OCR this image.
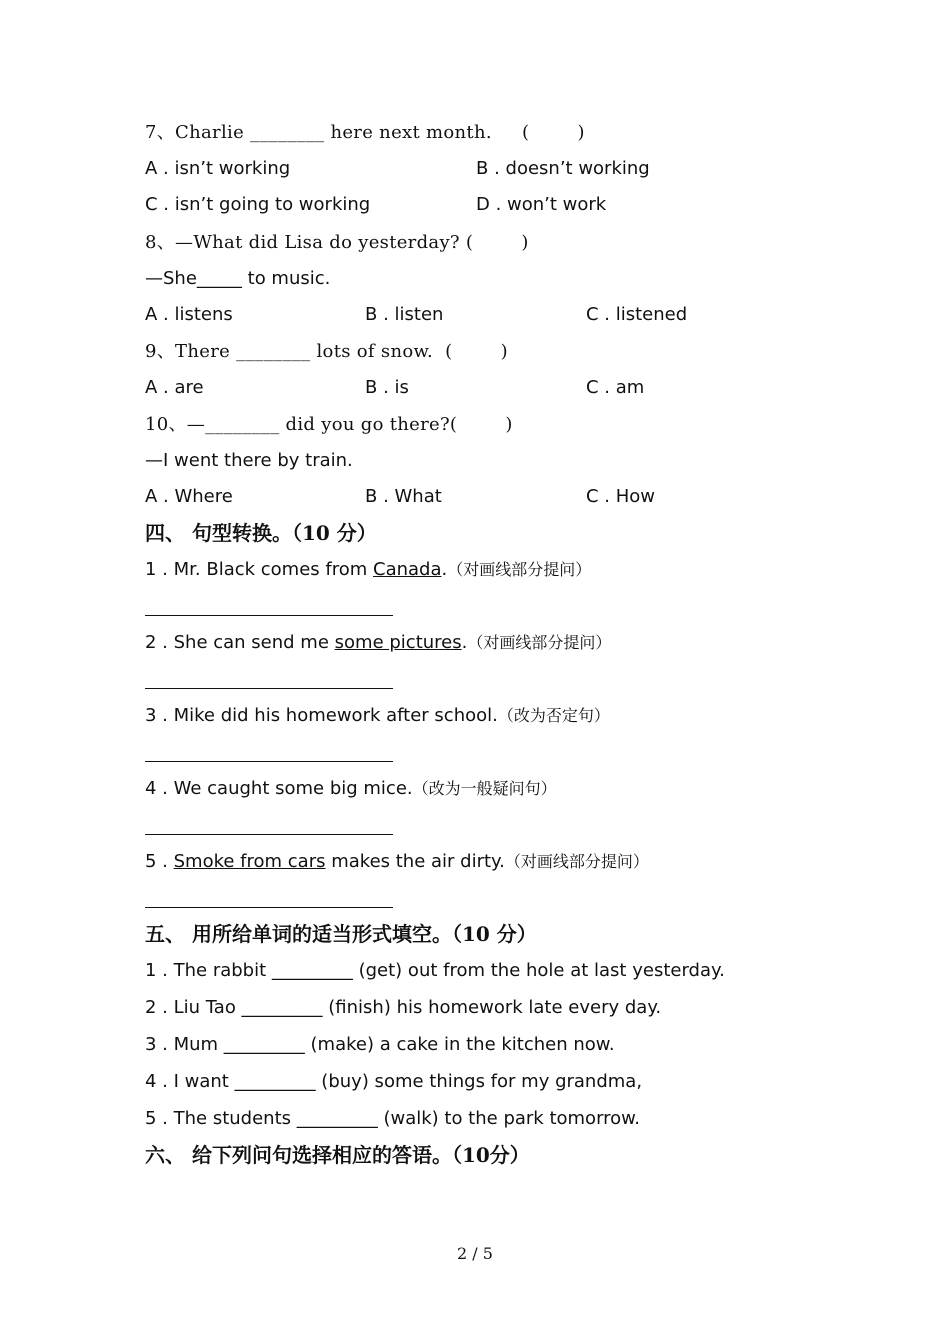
7、Charlie ________ here next month.     (        )
A . isn’t working	B . doesn’t working
C . isn’t going to working	D . won’t work
8、—What did Lisa do yesterday? (        )
—She_____ to music.
A . listens	B . listen	C . listened
9、There ________ lots of snow.  (        )
A . are	B . is	C . am
10、—________ did you go there?(        )
—I went there by train.
A . Where	B . What	C . How
四、 句型转换。（10 分）
1 . Mr. Black comes from Canada.（对画线部分提问）
2 . She can send me some pictures.（对画线部分提问）
3 . Mike did his homework after school.（改为否定句）
4 . We caught some big mice.（改为一般疑问句）
5 . Smoke from cars makes the air dirty.（对画线部分提问）
五、 用所给单词的适当形式填空。（10 分）
1 . The rabbit _________ (get) out from the hole at last yesterday.
2 . Liu Tao _________ (finish) his homework late every day.
3 . Mum _________ (make) a cake in the kitchen now.
4 . I want _________ (buy) some things for my grandma,
5 . The students _________ (walk) to the park tomorrow.
六、 给下列问句选择相应的答语。（10分）
2 / 5
